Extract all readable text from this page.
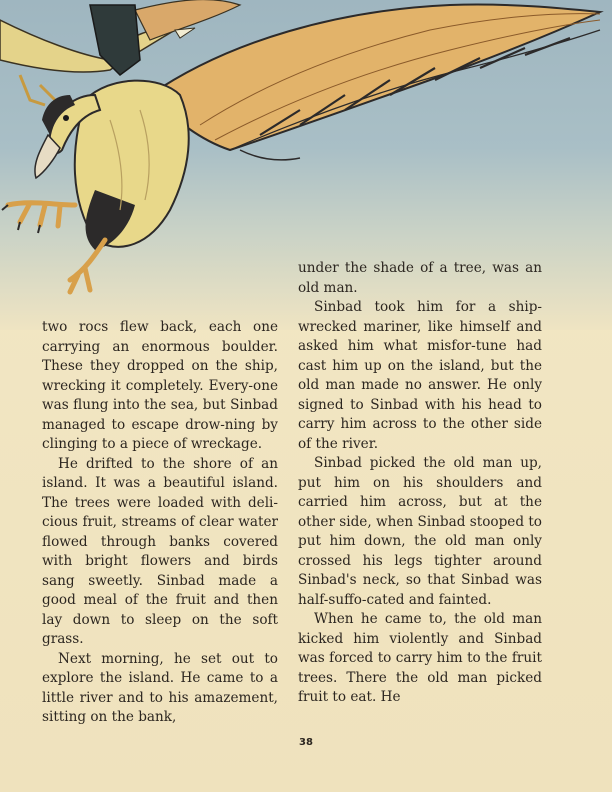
two rocs flew back, each one carrying an enormous boulder. These they dropped on the ship, wrecking it completely. Every-one was flung into the sea, but Sinbad managed to escape drow-ning by clinging to a piece of wreckage.

He drifted to the shore of an island. It was a beautiful island. The trees were loaded with deli-cious fruit, streams of clear water flowed through banks covered with bright flowers and birds sang sweetly. Sinbad made a good meal of the fruit and then lay down to sleep on the soft grass.

Next morning, he set out to explore the island. He came to a little river and to his amazement, sitting on the bank,

under the shade of a tree, was an old man.

Sinbad took him for a ship-wrecked mariner, like himself and asked him what misfor-tune had cast him up on the island, but the old man made no answer. He only signed to Sinbad with his head to carry him across to the other side of the river.

Sinbad picked the old man up, put him on his shoulders and carried him across, but at the other side, when Sinbad stooped to put him down, the old man only crossed his legs tighter around Sinbad's neck, so that Sinbad was half-suffo-cated and fainted.

When he came to, the old man kicked him violently and Sinbad was forced to carry him to the fruit trees. There the old man picked fruit to eat. He

38
